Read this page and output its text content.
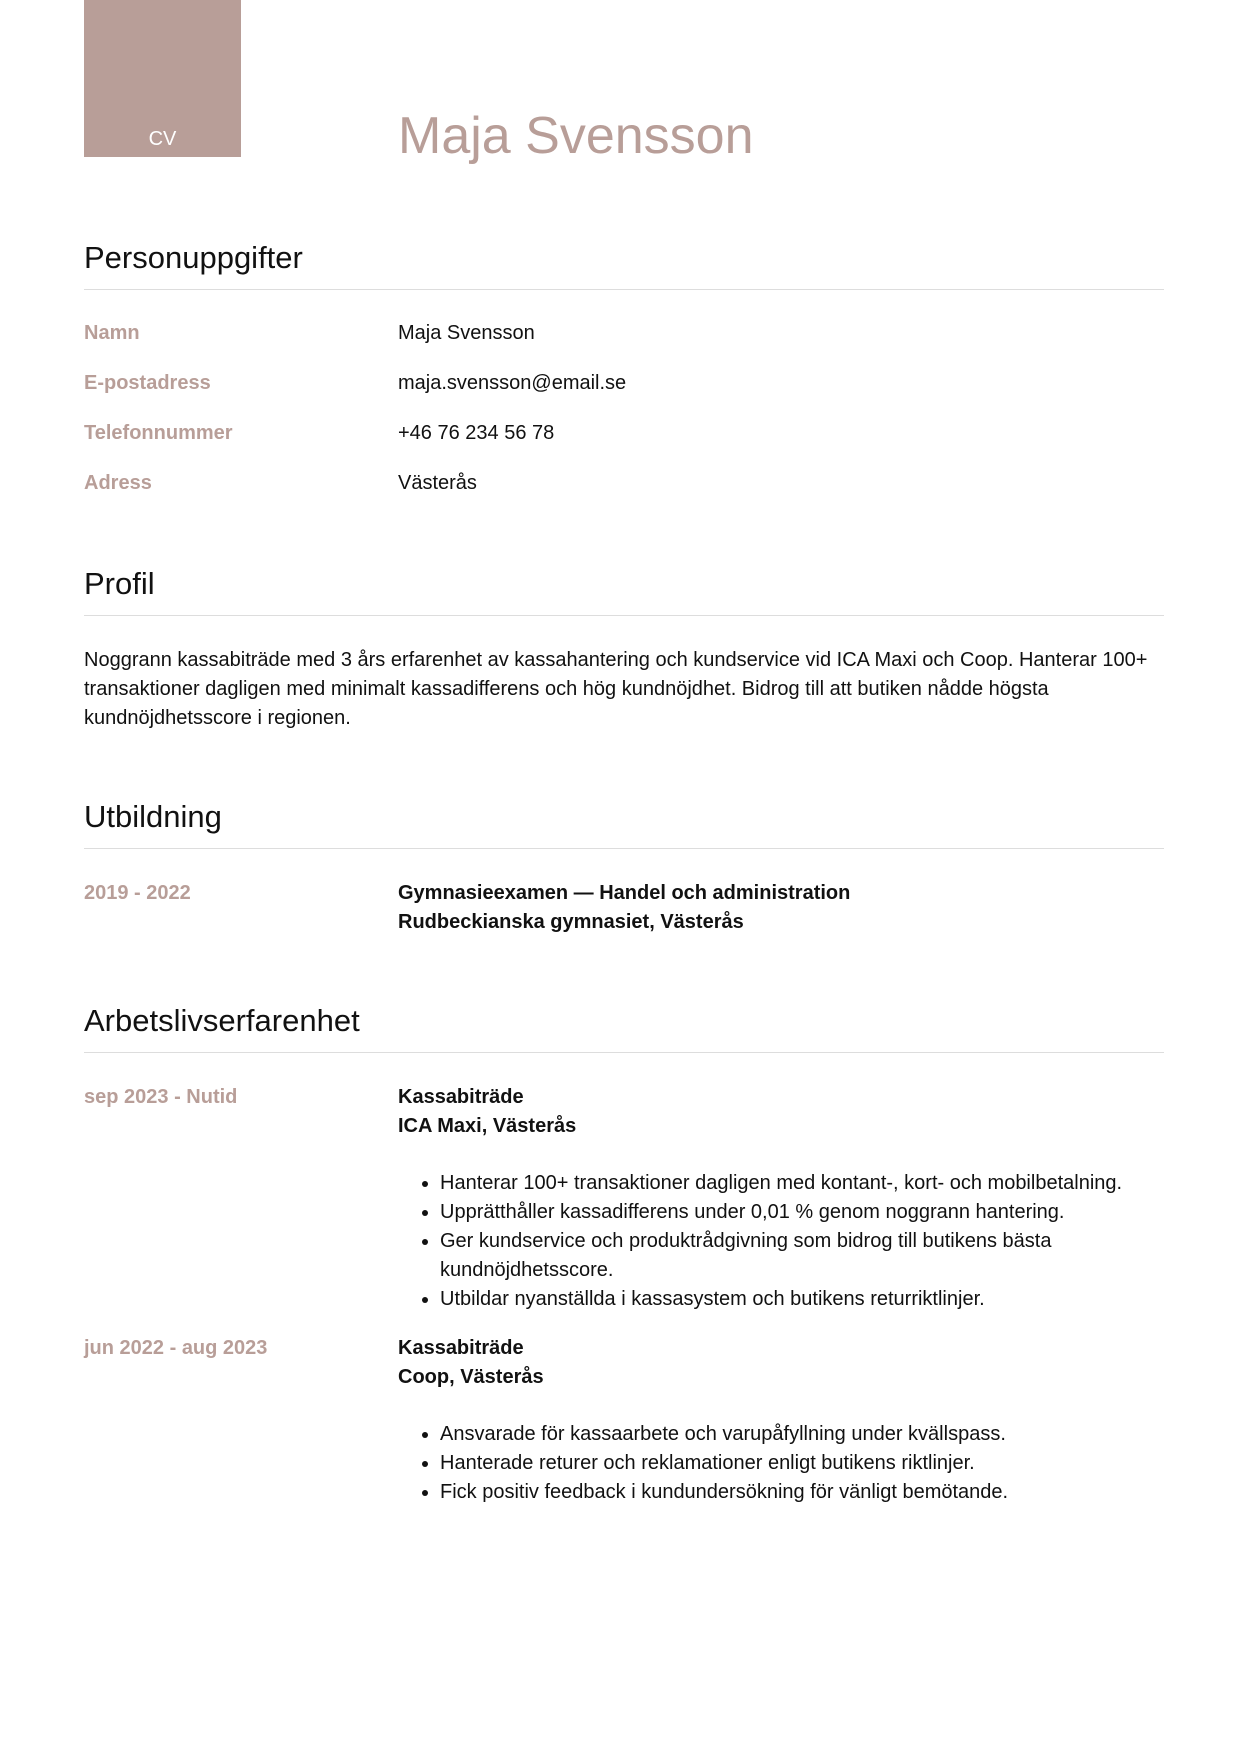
CV	Maja Svensson
Personuppgifter
Namn	Maja Svensson
E-postadress	maja.svensson@email.se
Telefonnummer	+46 76 234 56 78
Adress	Västerås
Profil

Noggrann kassabiträde med 3 års erfarenhet av kassahantering och kundservice vid ICA Maxi och Coop. Hanterar 100+ transaktioner dagligen med minimalt kassadifferens och hög kundnöjdhet. Bidrog till att butiken nådde högsta kundnöjdhetsscore i regionen.

Utbildning
2019 - 2022	Gymnasieexamen — Handel och administration
Rudbeckianska gymnasiet, Västerås
Arbetslivserfarenhet
sep 2023 - Nutid	Kassabiträde
ICA Maxi, Västerås
• Hanterar 100+ transaktioner dagligen med kontant-, kort- och mobilbetalning.
• Upprätthåller kassadifferens under 0,01 % genom noggrann hantering.
• Ger kundservice och produktrådgivning som bidrog till butikens bästa kundnöjdhetsscore.
• Utbildar nyanställda i kassasystem och butikens returriktlinjer.
jun 2022 - aug 2023	Kassabiträde
Coop, Västerås
• Ansvarade för kassaarbete och varupåfyllning under kvällspass.
• Hanterade returer och reklamationer enligt butikens riktlinjer.
• Fick positiv feedback i kundundersökning för vänligt bemötande.
